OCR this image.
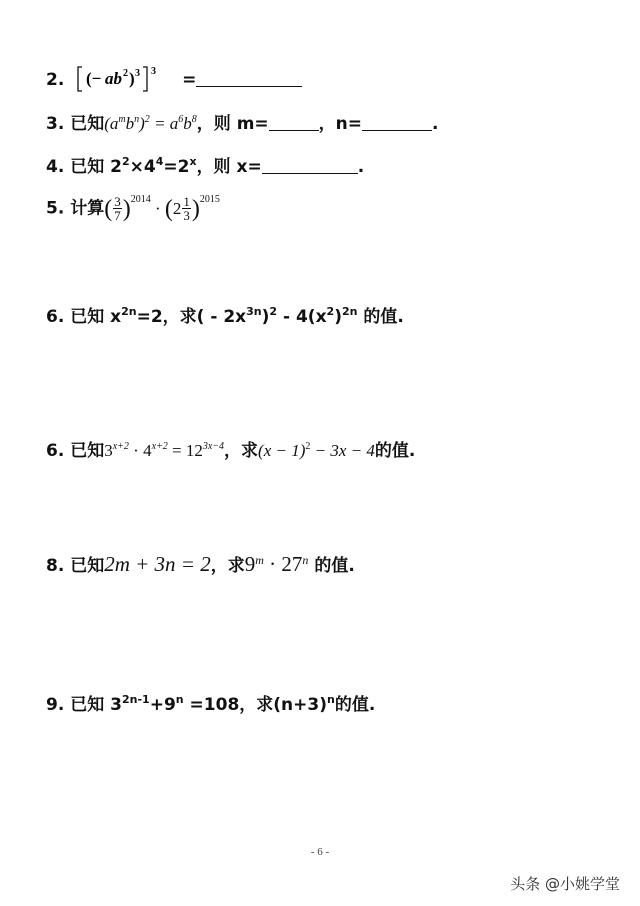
2. (− ab 2 ) 3 3 =
3. 已知$(a^mb^n)^2 = a^6b^8$，则 m=	，n=	.
4. 已知 $2^2\times 4^4=2^x$，则 x=	.
5. 计算( $\frac{3}{7} )^{2014} \cdot (2 \frac{1}{3} )^{2015}$
6. 已知 $x^{2n}=2$，求( - $2x^{3n})^2 - 4(x^2)^{2n}$ 的值.
6. 已知$3^{x+2} \cdot 4^{x+2} = 12^{3x-4}$，求$(x - 1)^2 - 3x - 4$的值.
8. 已知2m + 3n = 2，求$9^m \cdot 27^n$ 的值.
9. 已知 $3^{2n-1}+9^n =108$，求$(n+3)^n$的值.
- 6 -
头条 @小姚学堂
